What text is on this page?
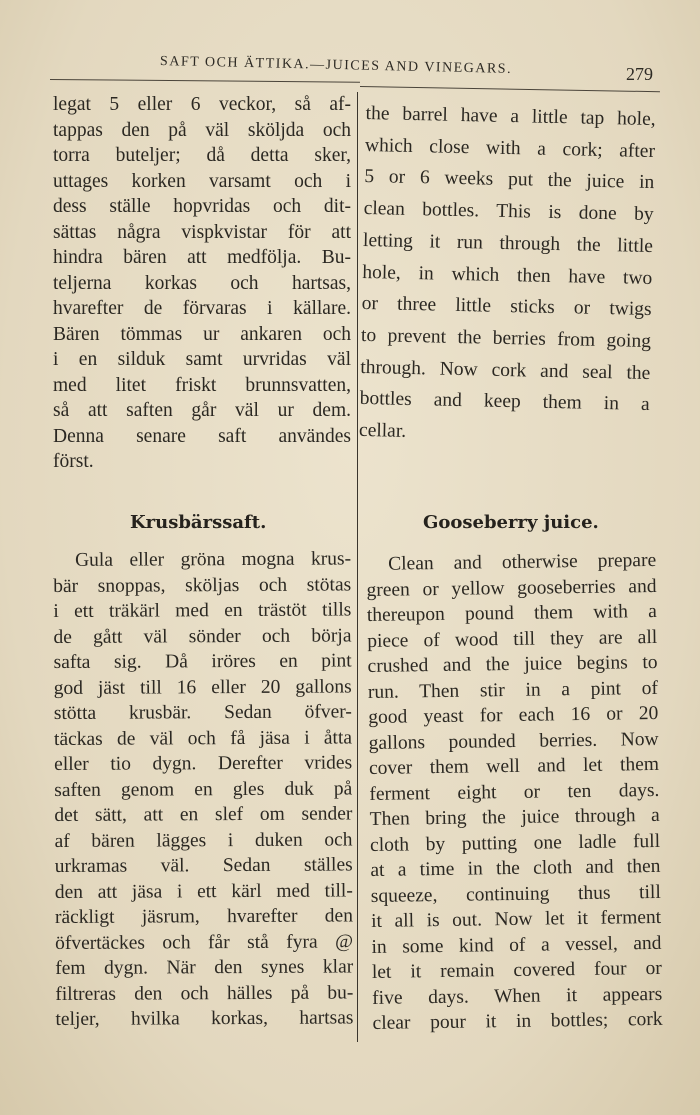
SAFT OCH ÄTTIKA.—JUICES AND VINEGARS.	279
legat 5 eller 6 veckor, så af-
tappas den på väl sköljda och
torra buteljer; då detta sker,
uttages korken varsamt och i
dess ställe hopvridas och dit-
sättas några vispkvistar för att
hindra bären att medfölja. Bu-
teljerna korkas och hartsas,
hvarefter de förvaras i källare.
Bären tömmas ur ankaren och
i en silduk samt urvridas väl
med litet friskt brunnsvatten,
så att saften går väl ur dem.
Denna senare saft användes
först.
the barrel have a little tap hole,
which close with a cork; after
5 or 6 weeks put the juice in
clean bottles. This is done by
letting it run through the little
hole, in which then have two
or three little sticks or twigs
to prevent the berries from going
through. Now cork and seal the
bottles and keep them in a
cellar.
Krusbärssaft.	Gooseberry juice.
Gula eller gröna mogna krus-
bär snoppas, sköljas och stötas
i ett träkärl med en trästöt tills
de gått väl sönder och börja
safta sig. Då iröres en pint
god jäst till 16 eller 20 gallons
stötta krusbär. Sedan öfver-
täckas de väl och få jäsa i åtta
eller tio dygn. Derefter vrides
saften genom en gles duk på
det sätt, att en slef om sender
af bären lägges i duken och
urkramas väl. Sedan ställes
den att jäsa i ett kärl med till-
räckligt jäsrum, hvarefter den
öfvertäckes och får stå fyra @
fem dygn. När den synes klar
filtreras den och hälles på bu-
teljer, hvilka korkas, hartsas
Clean and otherwise prepare
green or yellow gooseberries and
thereupon pound them with a
piece of wood till they are all
crushed and the juice begins to
run. Then stir in a pint of
good yeast for each 16 or 20
gallons pounded berries. Now
cover them well and let them
ferment eight or ten days.
Then bring the juice through a
cloth by putting one ladle full
at a time in the cloth and then
squeeze, continuing thus till
it all is out. Now let it ferment
in some kind of a vessel, and
let it remain covered four or
five days. When it appears
clear pour it in bottles; cork
